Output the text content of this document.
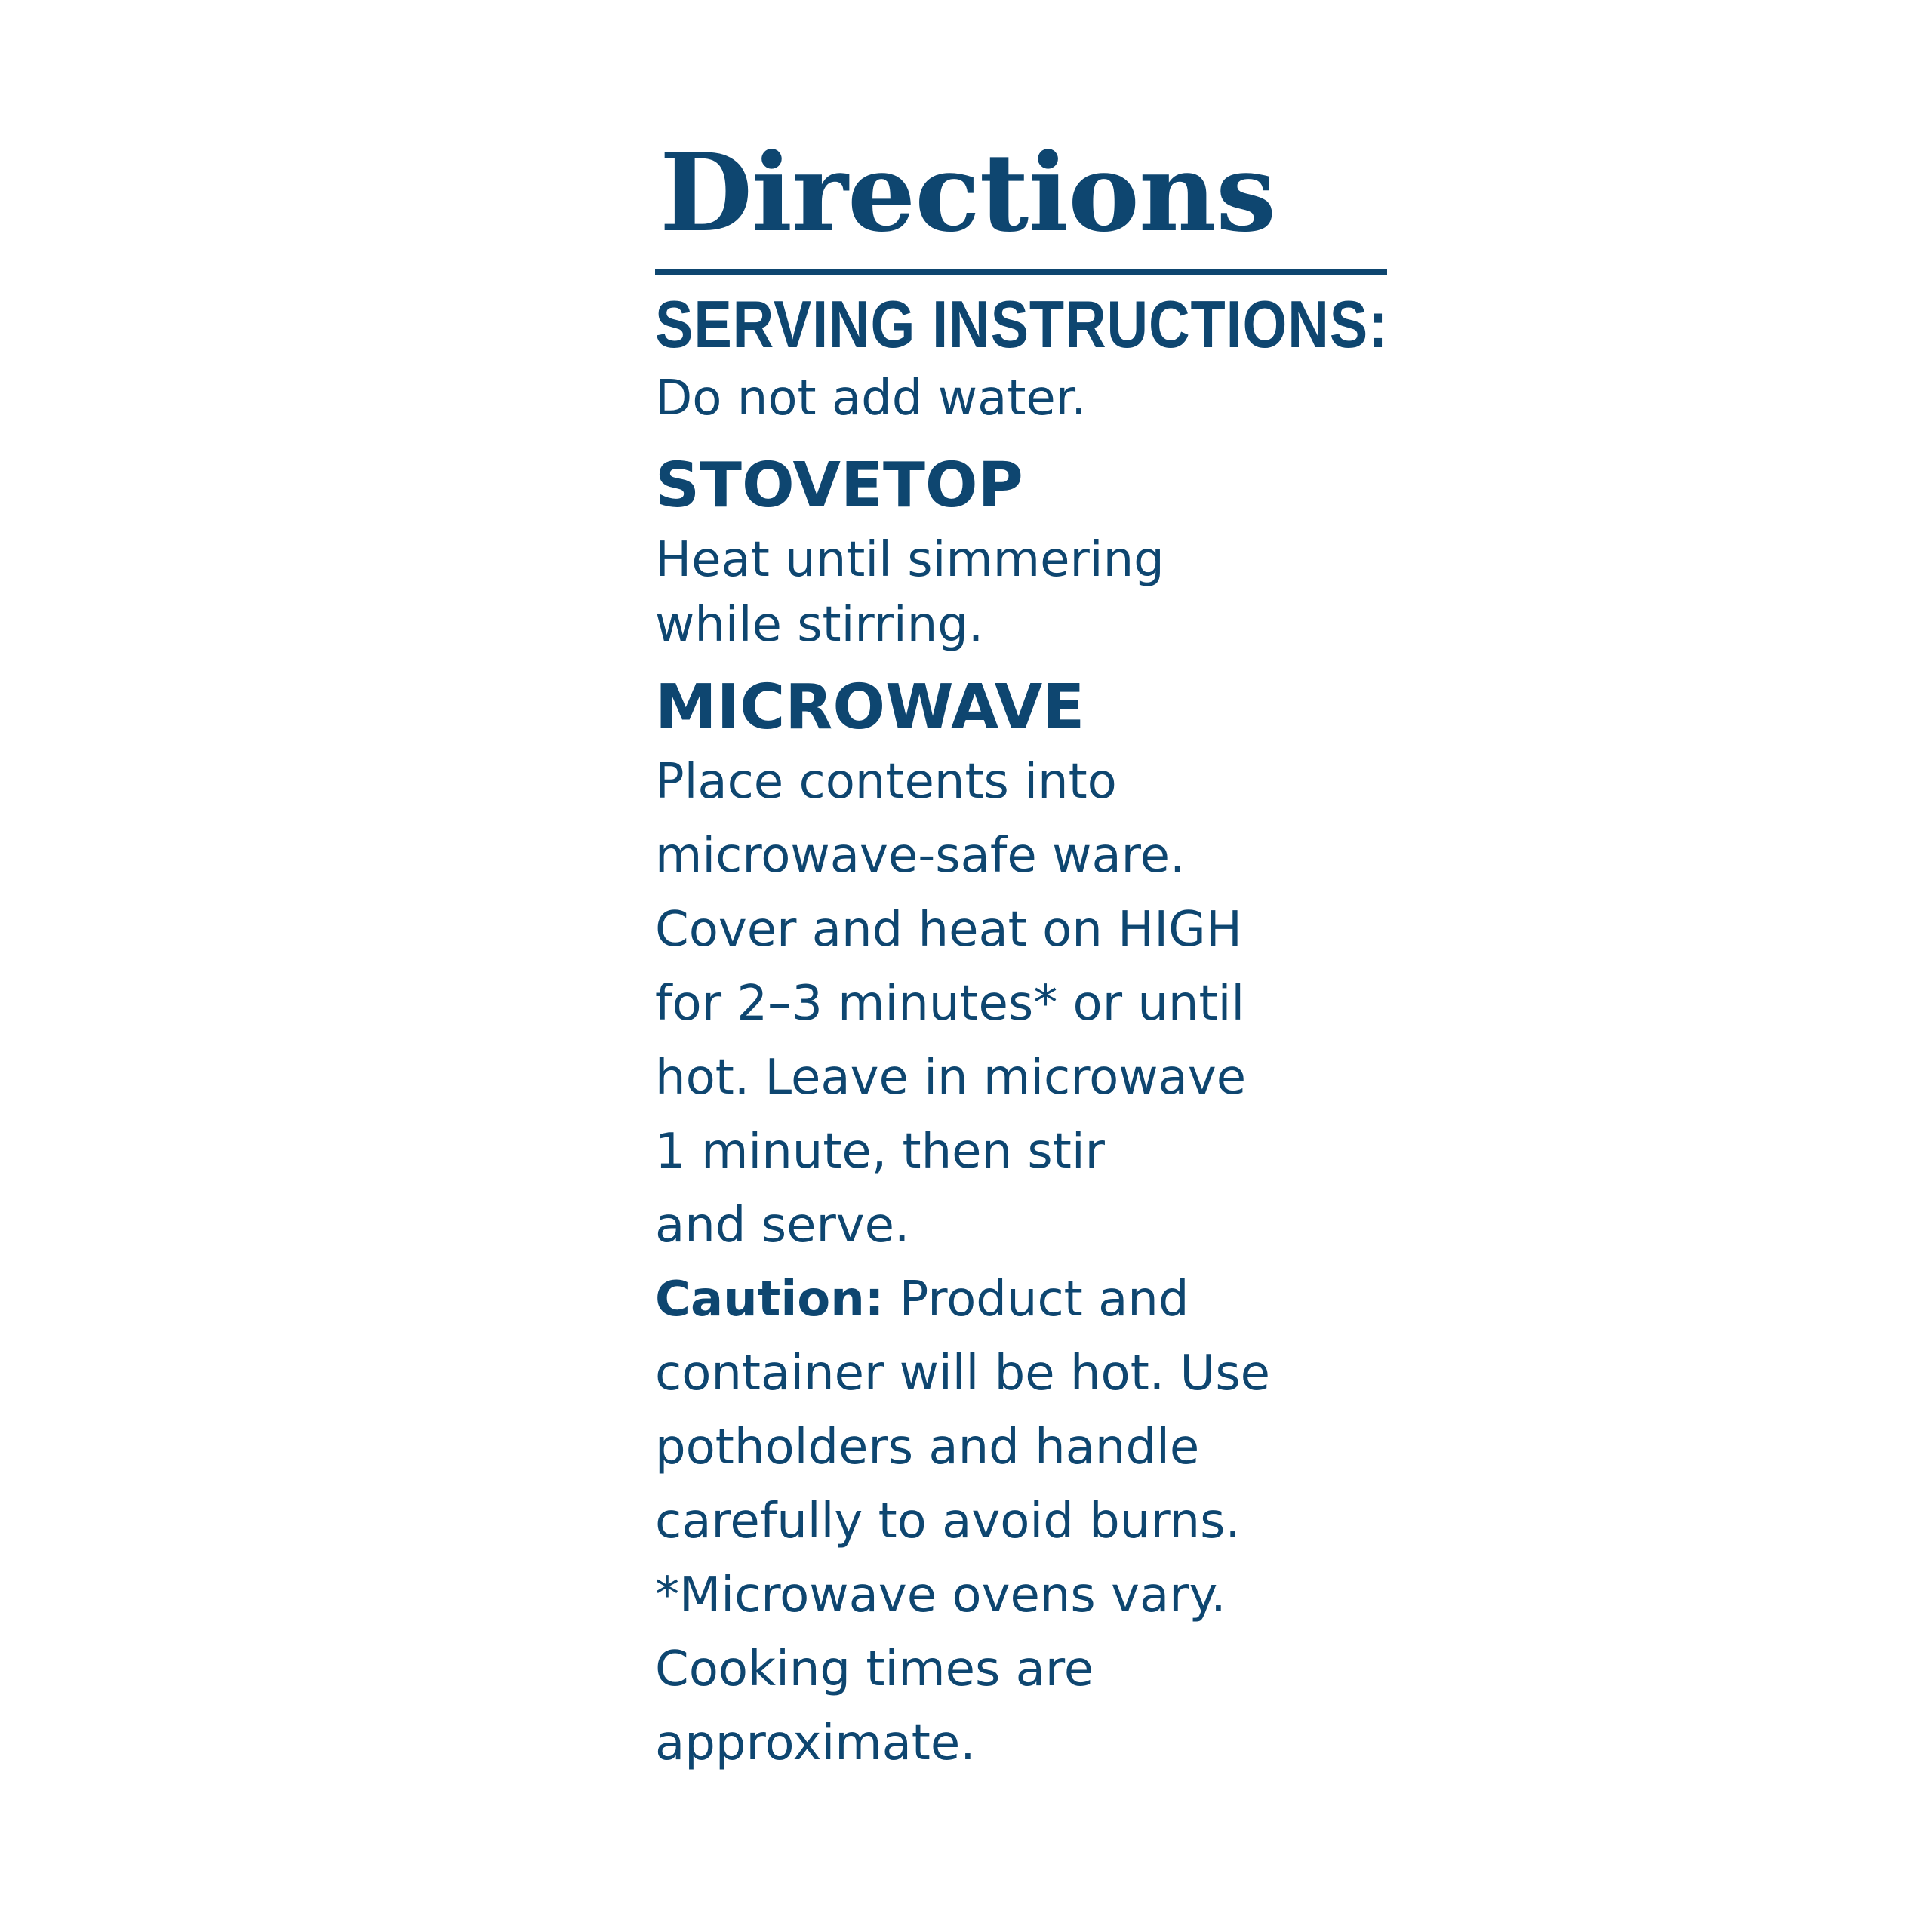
Directions
SERVING INSTRUCTIONS:
Do not add water.
STOVETOP
Heat until simmering
while stirring.
MICROWAVE
Place contents into
microwave-safe ware.
Cover and heat on HIGH
for 2–3 minutes* or until
hot. Leave in microwave
1 minute, then stir
and serve.
Caution: Product and
container will be hot. Use
potholders and handle
carefully to avoid burns.
*Microwave ovens vary.
Cooking times are
approximate.
